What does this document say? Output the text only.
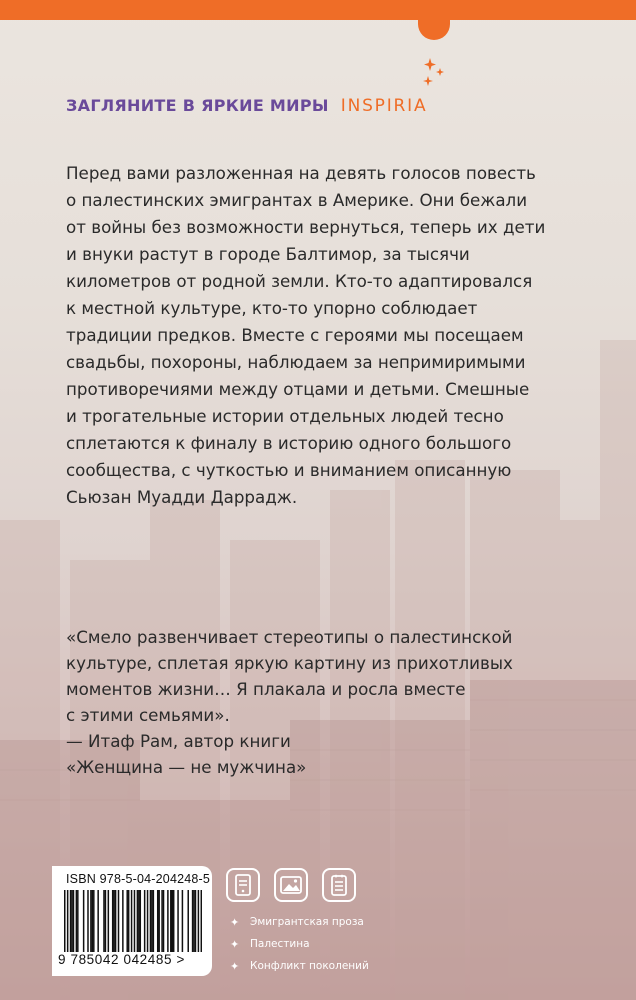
ЗАГЛЯНИТЕ В ЯРКИЕ МИРЫ INSPIRIA

Перед вами разложенная на девять голосов повесть
о палестинских эмигрантах в Америке. Они бежали
от войны без возможности вернуться, теперь их дети
и внуки растут в городе Балтимор, за тысячи
километров от родной земли. Кто-то адаптировался
к местной культуре, кто-то упорно соблюдает
традиции предков. Вместе с героями мы посещаем
свадьбы, похороны, наблюдаем за непримиримыми
противоречиями между отцами и детьми. Смешные
и трогательные истории отдельных людей тесно
сплетаются к финалу в историю одного большого
сообщества, с чуткостью и вниманием описанную
Сьюзан Муадди Даррадж.

«Смело развенчивает стереотипы о палестинской
культуре, сплетая яркую картину из прихотливых
моментов жизни… Я плакала и росла вместе
с этими семьями».

— Итаф Рам, автор книги
«Женщина — не мужчина»

ISBN 978-5-04-204248-5
9 785042 042485 >
✦ Эмигрантская проза
✦ Палестина
✦ Конфликт поколений
